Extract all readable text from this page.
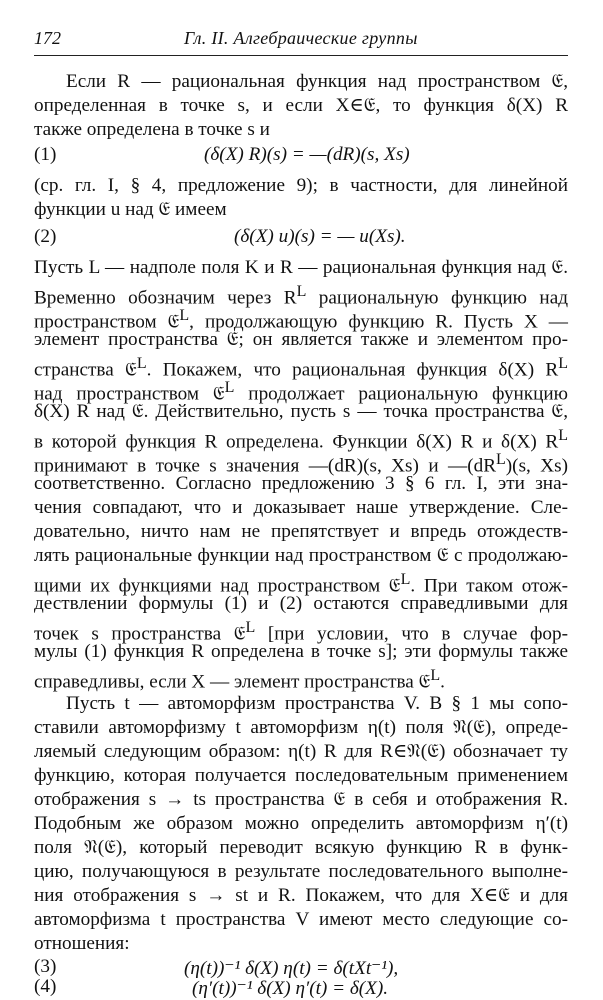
172	Гл. II. Алгебраические группы
Если R — рациональная функция над пространством 𝔈,
определенная в точке s, и если X∈𝔈, то функция δ(X) R
также определена в точке s и
(1)	(δ(X) R)(s) = —(dR)(s, Xs)
(ср. гл. I, § 4, предложение 9); в частности, для линейной
функции u над 𝔈 имеем
(2)	(δ(X) u)(s) = — u(Xs).
Пусть L — надполе поля K и R — рациональная функция над 𝔈.
Временно обозначим через $R^L$ рациональную функцию над
пространством 𝔈$^L$, продолжающую функцию R. Пусть X —
элемент пространства 𝔈; он является также и элементом про-
странства 𝔈$^L$. Покажем, что рациональная функция δ(X) $R^L$
над пространством 𝔈$^L$ продолжает рациональную функцию
δ(X) R над 𝔈. Действительно, пусть s — точка пространства 𝔈,
в которой функция R определена. Функции δ(X) R и δ(X) $R^L$
принимают в точке s значения —(dR)(s, Xs) и $—(dR^L)(s$, Xs)
соответственно. Согласно предложению 3 § 6 гл. I, эти зна-
чения совпадают, что и доказывает наше утверждение. Сле-
довательно, ничто нам не препятствует и впредь отождеств-
лять рациональные функции над пространством 𝔈 с продолжаю-
щими их функциями над пространством 𝔈$^L$. При таком отож-
дествлении формулы (1) и (2) остаются справедливыми для
точек s пространства 𝔈$^L$ [при условии, что в случае фор-
мулы (1) функция R определена в точке s]; эти формулы также
справедливы, если X — элемент пространства 𝔈$^L$.
Пусть t — автоморфизм пространства V. В § 1 мы сопо-
ставили автоморфизму t автоморфизм η(t) поля 𝔑(𝔈), опреде-
ляемый следующим образом: η(t) R для R∈𝔑(𝔈) обозначает ту
функцию, которая получается последовательным применением
отображения s → ts пространства 𝔈 в себя и отображения R.
Подобным же образом можно определить автоморфизм η′(t)
поля 𝔑(𝔈), который переводит всякую функцию R в функ-
цию, получающуюся в результате последовательного выполне-
ния отображения s → st и R. Покажем, что для X∈𝔈 и для
автоморфизма t пространства V имеют место следующие со-
отношения:
(3)	(η(t))⁻¹ δ(X) η(t) = δ(tXt⁻¹),
(4)	(η′(t))⁻¹ δ(X) η′(t) = δ(X).
